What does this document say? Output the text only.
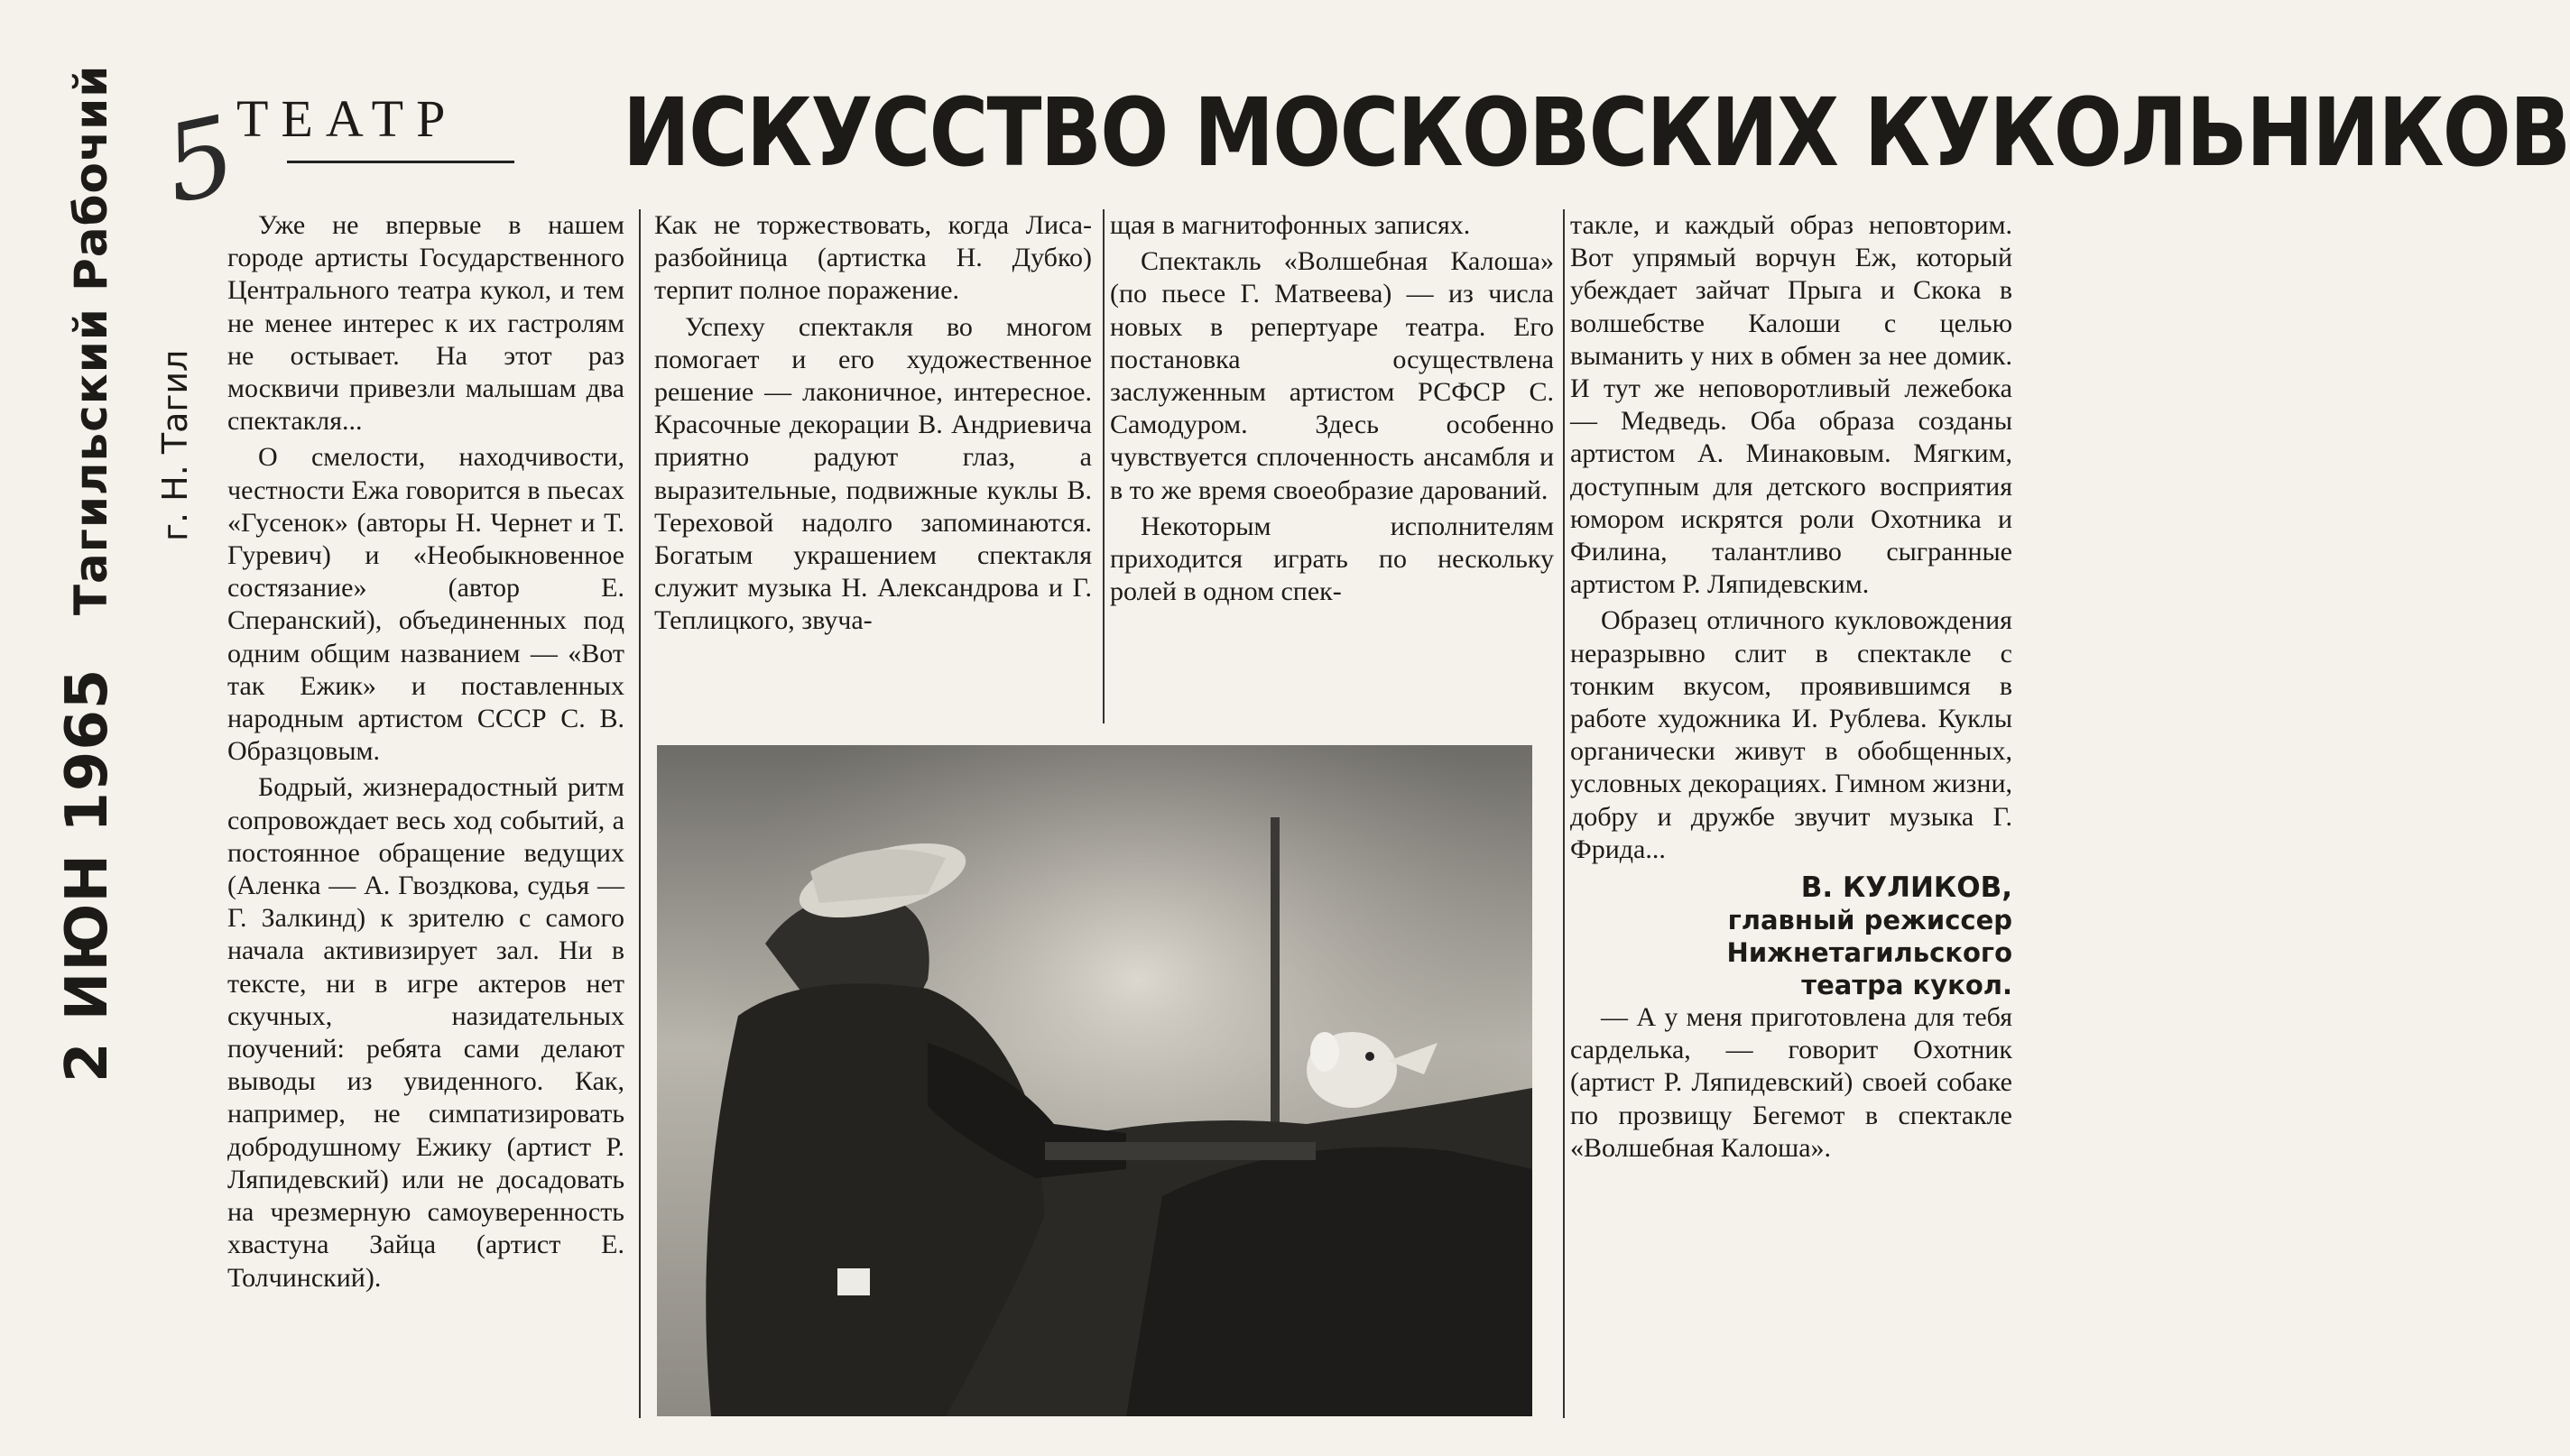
5
2 ИЮН 1965 Тагильский Рабочий г. Н. Тагил
ТЕАТР ИСКУССТВО МОСКОВСКИХ КУКОЛЬНИКОВ

Уже не впервые в нашем городе артисты Государственного Центрального театра кукол, и тем не менее интерес к их гастролям не остывает. На этот раз москвичи привезли малышам два спектакля...

О смелости, находчивости, честности Ежа говорится в пьесах «Гусенок» (авторы Н. Чернет и Т. Гуревич) и «Необыкновенное состязание» (автор Е. Сперанский), объединенных под одним общим названием — «Вот так Ежик» и поставленных народным артистом СССР С. В. Образцовым.

Бодрый, жизнерадостный ритм сопровождает весь ход событий, а постоянное обращение ведущих (Аленка — А. Гвоздкова, судья — Г. Залкинд) к зрителю с самого начала активизирует зал. Ни в тексте, ни в игре актеров нет скучных, назидательных поучений: ребята сами делают выводы из увиденного. Как, например, не симпатизировать добродушному Ежику (артист Р. Ляпидевский) или не досадовать на чрезмерную самоуверенность хвастуна Зайца (артист Е. Толчинский).

Как не торжествовать, когда Лиса-разбойница (артистка Н. Дубко) терпит полное поражение.

Успеху спектакля во многом помогает и его художественное решение — лаконичное, интересное. Красочные декорации В. Андриевича приятно радуют глаз, а выразительные, подвижные куклы В. Тереховой надолго запоминаются. Богатым украшением спектакля служит музыка Н. Александрова и Г. Теплицкого, звуча-

щая в магнитофонных записях.

Спектакль «Волшебная Калоша» (по пьесе Г. Матвеева) — из числа новых в репертуаре театра. Его постановка осуществлена заслуженным артистом РСФСР С. Самодуром. Здесь особенно чувствуется сплоченность ансамбля и в то же время своеобразие дарований.

Некоторым исполнителям приходится играть по нескольку ролей в одном спек-

такле, и каждый образ неповторим. Вот упрямый ворчун Еж, который убеждает зайчат Прыга и Скока в волшебстве Калоши с целью выманить у них в обмен за нее домик. И тут же неповоротливый лежебока — Медведь. Оба образа созданы артистом А. Минаковым. Мягким, доступным для детского восприятия юмором искрятся роли Охотника и Филина, талантливо сыгранные артистом Р. Ляпидевским.

Образец отличного кукловождения неразрывно слит в спектакле с тонким вкусом, проявившимся в работе художника И. Рублева. Куклы органически живут в обобщенных, условных декорациях. Гимном жизни, добру и дружбе звучит музыка Г. Фрида...

В. КУЛИКОВ,
главный режиссер
Нижнетагильского
театра кукол.

— А у меня приготовлена для тебя сарделька, — говорит Охотник (артист Р. Ляпидевский) своей собаке по прозвищу Бегемот в спектакле «Волшебная Калоша».
